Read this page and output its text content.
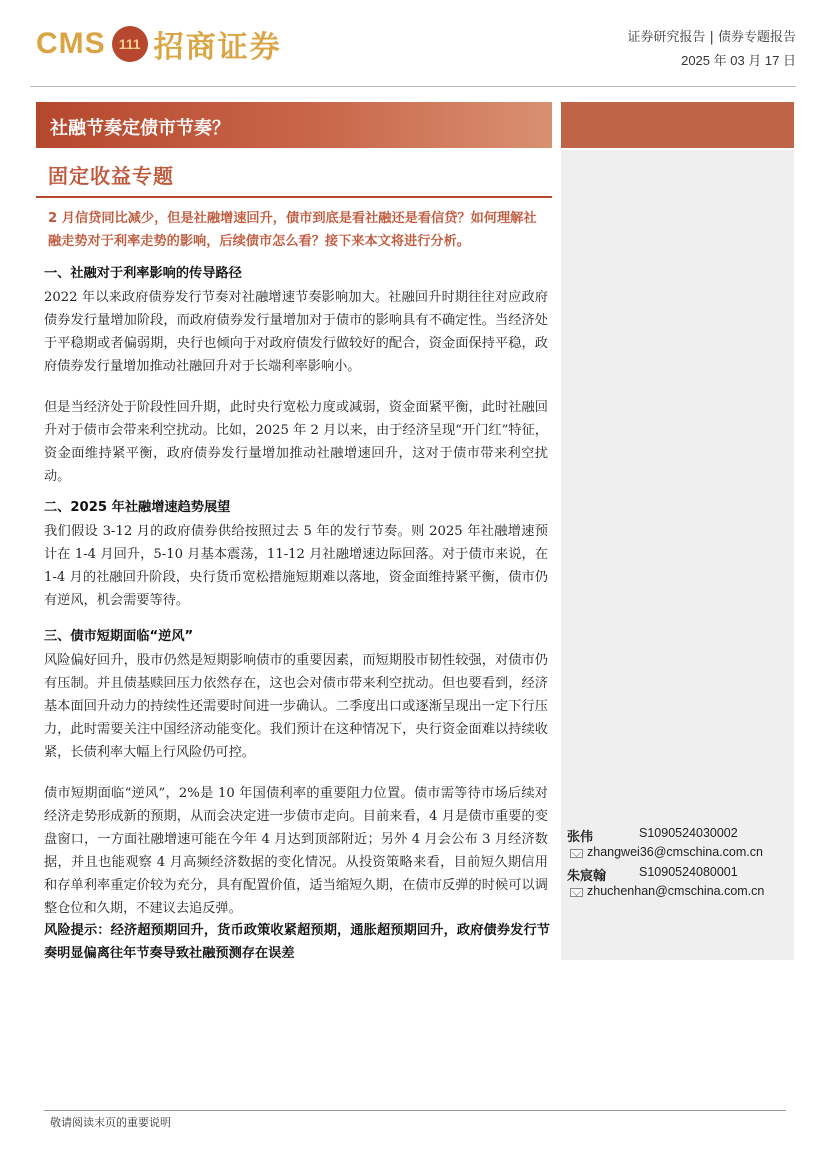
CMS 111 招商证券	证券研究报告 | 债券专题报告
2025 年 03 月 17 日
社融节奏定债市节奏？
固定收益专题
2 月信贷同比减少，但是社融增速回升，债市到底是看社融还是看信贷？如何理解社融走势对于利率走势的影响，后续债市怎么看？接下来本文将进行分析。
一、社融对于利率影响的传导路径

2022 年以来政府债券发行节奏对社融增速节奏影响加大。社融回升时期往往对应政府债券发行量增加阶段，而政府债券发行量增加对于债市的影响具有不确定性。当经济处于平稳期或者偏弱期，央行也倾向于对政府债发行做较好的配合，资金面保持平稳，政府债券发行量增加推动社融回升对于长端利率影响小。

但是当经济处于阶段性回升期，此时央行宽松力度或减弱，资金面紧平衡，此时社融回升对于债市会带来利空扰动。比如，2025 年 2 月以来，由于经济呈现“开门红”特征，资金面维持紧平衡，政府债券发行量增加推动社融增速回升，这对于债市带来利空扰动。

二、2025 年社融增速趋势展望

我们假设 3-12 月的政府债券供给按照过去 5 年的发行节奏。则 2025 年社融增速预计在 1-4 月回升，5-10 月基本震荡，11-12 月社融增速边际回落。对于债市来说，在 1-4 月的社融回升阶段，央行货币宽松措施短期难以落地，资金面维持紧平衡，债市仍有逆风，机会需要等待。

三、债市短期面临“逆风”

风险偏好回升，股市仍然是短期影响债市的重要因素，而短期股市韧性较强，对债市仍有压制。并且债基赎回压力依然存在，这也会对债市带来利空扰动。但也要看到，经济基本面回升动力的持续性还需要时间进一步确认。二季度出口或逐渐呈现出一定下行压力，此时需要关注中国经济动能变化。我们预计在这种情况下，央行资金面难以持续收紧，长债利率大幅上行风险仍可控。

债市短期面临“逆风”，2%是 10 年国债利率的重要阻力位置。债市需等待市场后续对经济走势形成新的预期，从而会决定进一步债市走向。目前来看，4 月是债市重要的变盘窗口，一方面社融增速可能在今年 4 月达到顶部附近；另外 4 月会公布 3 月经济数据，并且也能观察 4 月高频经济数据的变化情况。从投资策略来看，目前短久期信用和存单利率重定价较为充分，具有配置价值，适当缩短久期，在债市反弹的时候可以调整仓位和久期，不建议去追反弹。

风险提示：经济超预期回升，货币政策收紧超预期，通胀超预期回升，政府债券发行节奏明显偏离往年节奏导致社融预测存在误差
张伟	S1090524030002
zhangwei36@cmschina.com.cn
朱宸翰	S1090524080001
zhuchenhan@cmschina.com.cn
敬请阅读末页的重要说明
